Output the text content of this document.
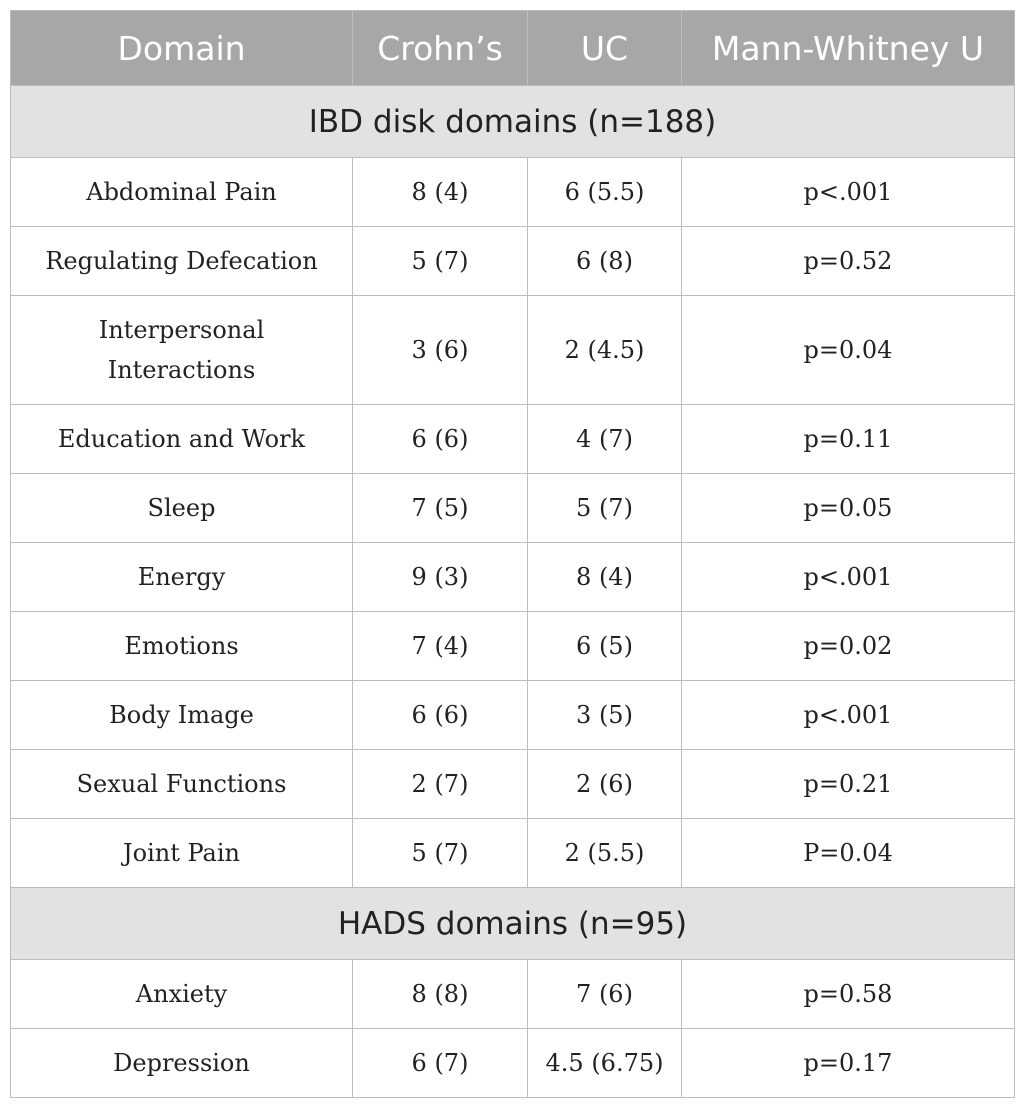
Domain	Crohn’s	UC	Mann-Whitney U
IBD disk domains (n=188)			
Abdominal Pain	8 (4)	6 (5.5)	p<.001
Regulating Defecation	5 (7)	6 (8)	p=0.52
Interpersonal Interactions	3 (6)	2 (4.5)	p=0.04
Education and Work	6 (6)	4 (7)	p=0.11
Sleep	7 (5)	5 (7)	p=0.05
Energy	9 (3)	8 (4)	p<.001
Emotions	7 (4)	6 (5)	p=0.02
Body Image	6 (6)	3 (5)	p<.001
Sexual Functions	2 (7)	2 (6)	p=0.21
Joint Pain	5 (7)	2 (5.5)	P=0.04
HADS domains (n=95)			
Anxiety	8 (8)	7 (6)	p=0.58
Depression	6 (7)	4.5 (6.75)	p=0.17
